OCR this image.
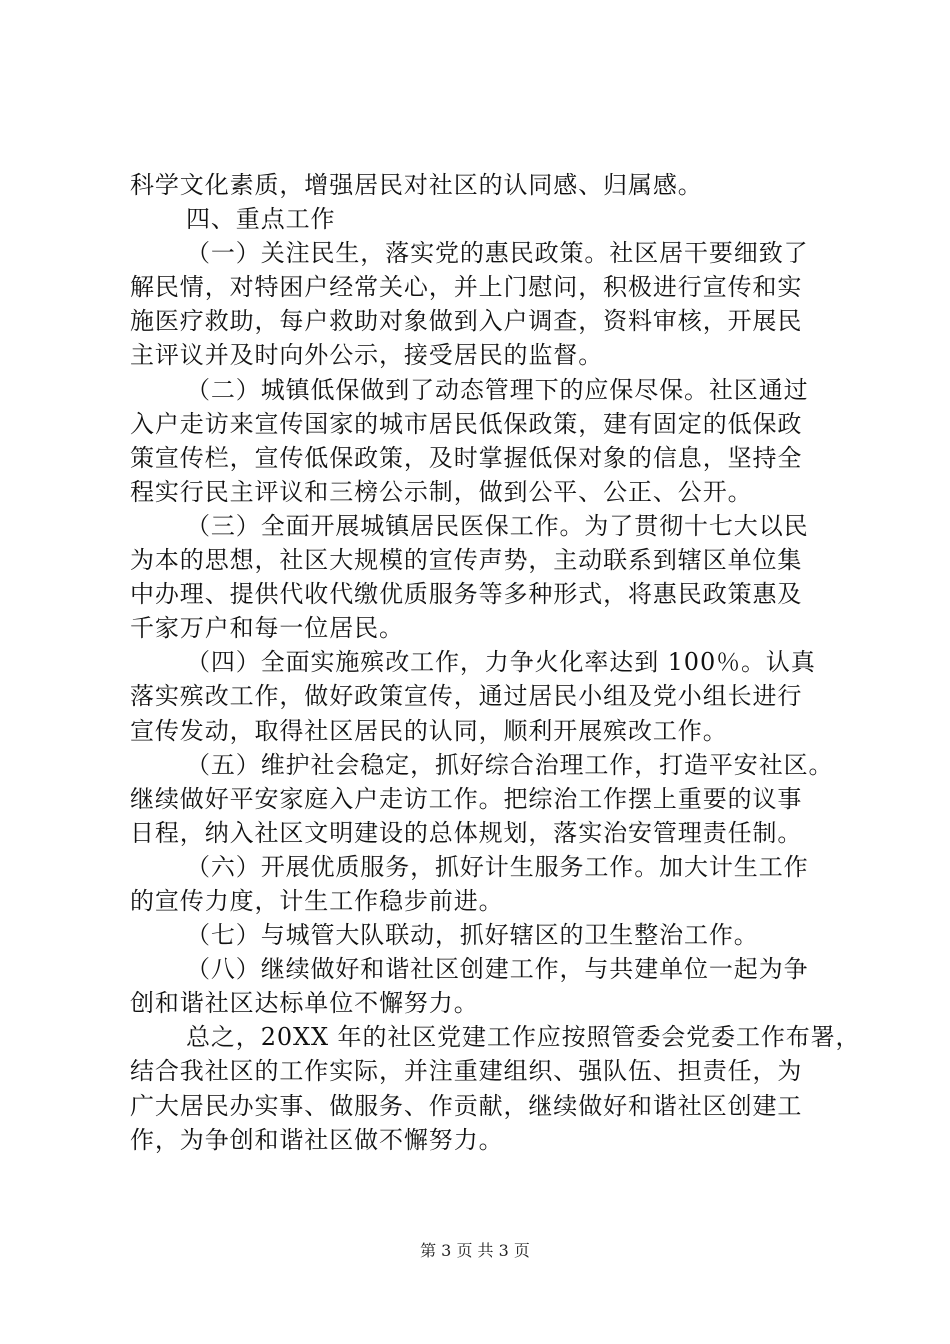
科学文化素质，增强居民对社区的认同感、归属感。
四、重点工作
（一）关注民生，落实党的惠民政策。社区居干要细致了
解民情，对特困户经常关心，并上门慰问，积极进行宣传和实
施医疗救助，每户救助对象做到入户调查，资料审核，开展民
主评议并及时向外公示，接受居民的监督。
（二）城镇低保做到了动态管理下的应保尽保。社区通过
入户走访来宣传国家的城市居民低保政策，建有固定的低保政
策宣传栏，宣传低保政策，及时掌握低保对象的信息，坚持全
程实行民主评议和三榜公示制，做到公平、公正、公开。
（三）全面开展城镇居民医保工作。为了贯彻十七大以民
为本的思想，社区大规模的宣传声势，主动联系到辖区单位集
中办理、提供代收代缴优质服务等多种形式，将惠民政策惠及
千家万户和每一位居民。
（四）全面实施殡改工作，力争火化率达到 100％。认真
落实殡改工作，做好政策宣传，通过居民小组及党小组长进行
宣传发动，取得社区居民的认同，顺利开展殡改工作。
（五）维护社会稳定，抓好综合治理工作，打造平安社区。
继续做好平安家庭入户走访工作。把综治工作摆上重要的议事
日程，纳入社区文明建设的总体规划，落实治安管理责任制。
（六）开展优质服务，抓好计生服务工作。加大计生工作
的宣传力度，计生工作稳步前进。
（七）与城管大队联动，抓好辖区的卫生整治工作。
（八）继续做好和谐社区创建工作，与共建单位一起为争
创和谐社区达标单位不懈努力。
总之，20XX 年的社区党建工作应按照管委会党委工作布署，
结合我社区的工作实际，并注重建组织、强队伍、担责任，为
广大居民办实事、做服务、作贡献，继续做好和谐社区创建工
作，为争创和谐社区做不懈努力。
第 3 页 共 3 页
